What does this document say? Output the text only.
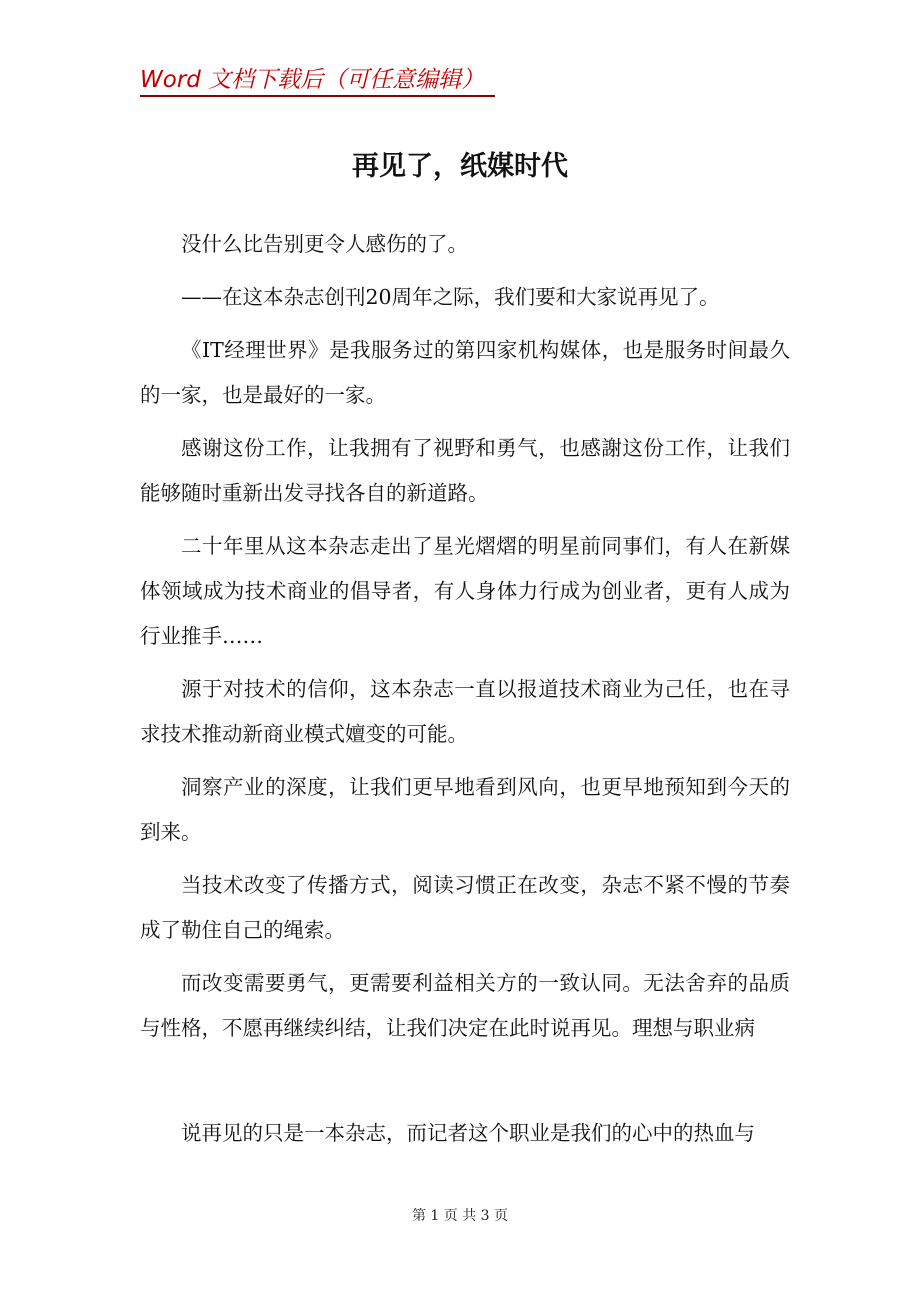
Word 文档下载后（可任意编辑）
再见了，纸媒时代

没什么比告别更令人感伤的了。

——在这本杂志创刊20周年之际，我们要和大家说再见了。

《IT经理世界》是我服务过的第四家机构媒体，也是服务时间最久的一家，也是最好的一家。

感谢这份工作，让我拥有了视野和勇气，也感謝这份工作，让我们能够随时重新出发寻找各自的新道路。

二十年里从这本杂志走出了星光熠熠的明星前同事们，有人在新媒体领域成为技术商业的倡导者，有人身体力行成为创业者，更有人成为行业推手……

源于对技术的信仰，这本杂志一直以报道技术商业为己任，也在寻求技术推动新商业模式嬗变的可能。

洞察产业的深度，让我们更早地看到风向，也更早地预知到今天的到来。

当技术改变了传播方式，阅读习惯正在改变，杂志不紧不慢的节奏成了勒住自己的绳索。

而改变需要勇气，更需要利益相关方的一致认同。无法舍弃的品质与性格，不愿再继续纠结，让我们决定在此时说再见。理想与职业病

说再见的只是一本杂志，而记者这个职业是我们的心中的热血与

第 1 页 共 3 页
